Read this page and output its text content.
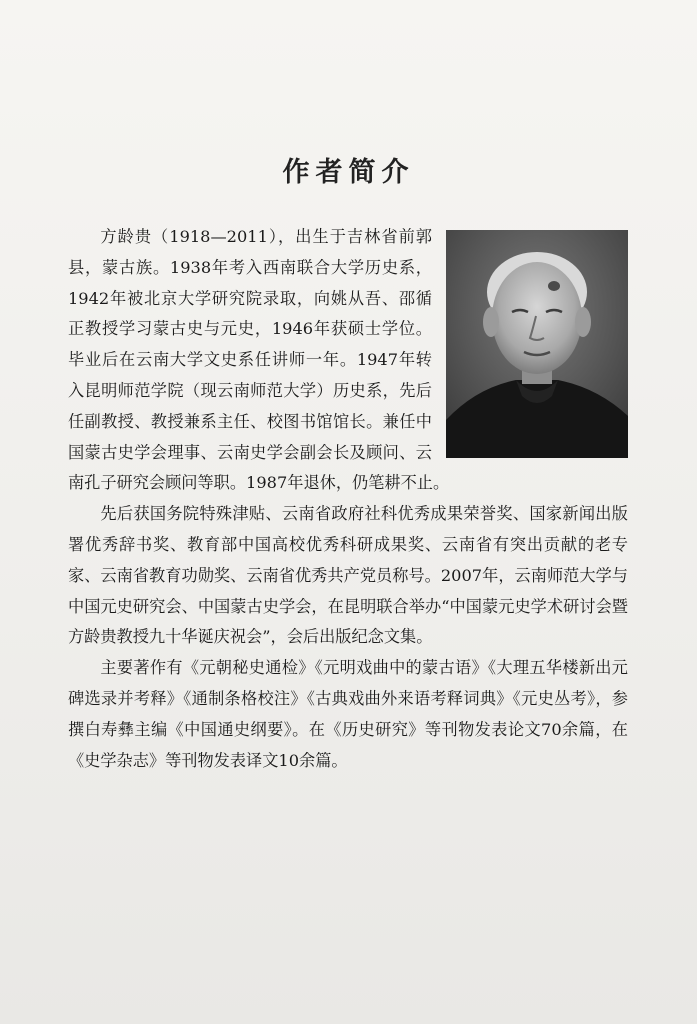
作者简介

方龄贵（1918—2011），出生于吉林省前郭县，蒙古族。1938年考入西南联合大学历史系，1942年被北京大学研究院录取，向姚从吾、邵循正教授学习蒙古史与元史，1946年获硕士学位。毕业后在云南大学文史系任讲师一年。1947年转入昆明师范学院（现云南师范大学）历史系，先后任副教授、教授兼系主任、校图书馆馆长。兼任中国蒙古史学会理事、云南史学会副会长及顾问、云南孔子研究会顾问等职。1987年退休，仍笔耕不止。

先后获国务院特殊津贴、云南省政府社科优秀成果荣誉奖、国家新闻出版署优秀辞书奖、教育部中国高校优秀科研成果奖、云南省有突出贡献的老专家、云南省教育功勋奖、云南省优秀共产党员称号。2007年，云南师范大学与中国元史研究会、中国蒙古史学会，在昆明联合举办“中国蒙元史学术研讨会暨方龄贵教授九十华诞庆祝会”，会后出版纪念文集。

主要著作有《元朝秘史通检》《元明戏曲中的蒙古语》《大理五华楼新出元碑选录并考释》《通制条格校注》《古典戏曲外来语考释词典》《元史丛考》，参撰白寿彝主编《中国通史纲要》。在《历史研究》等刊物发表论文70余篇，在《史学杂志》等刊物发表译文10余篇。
